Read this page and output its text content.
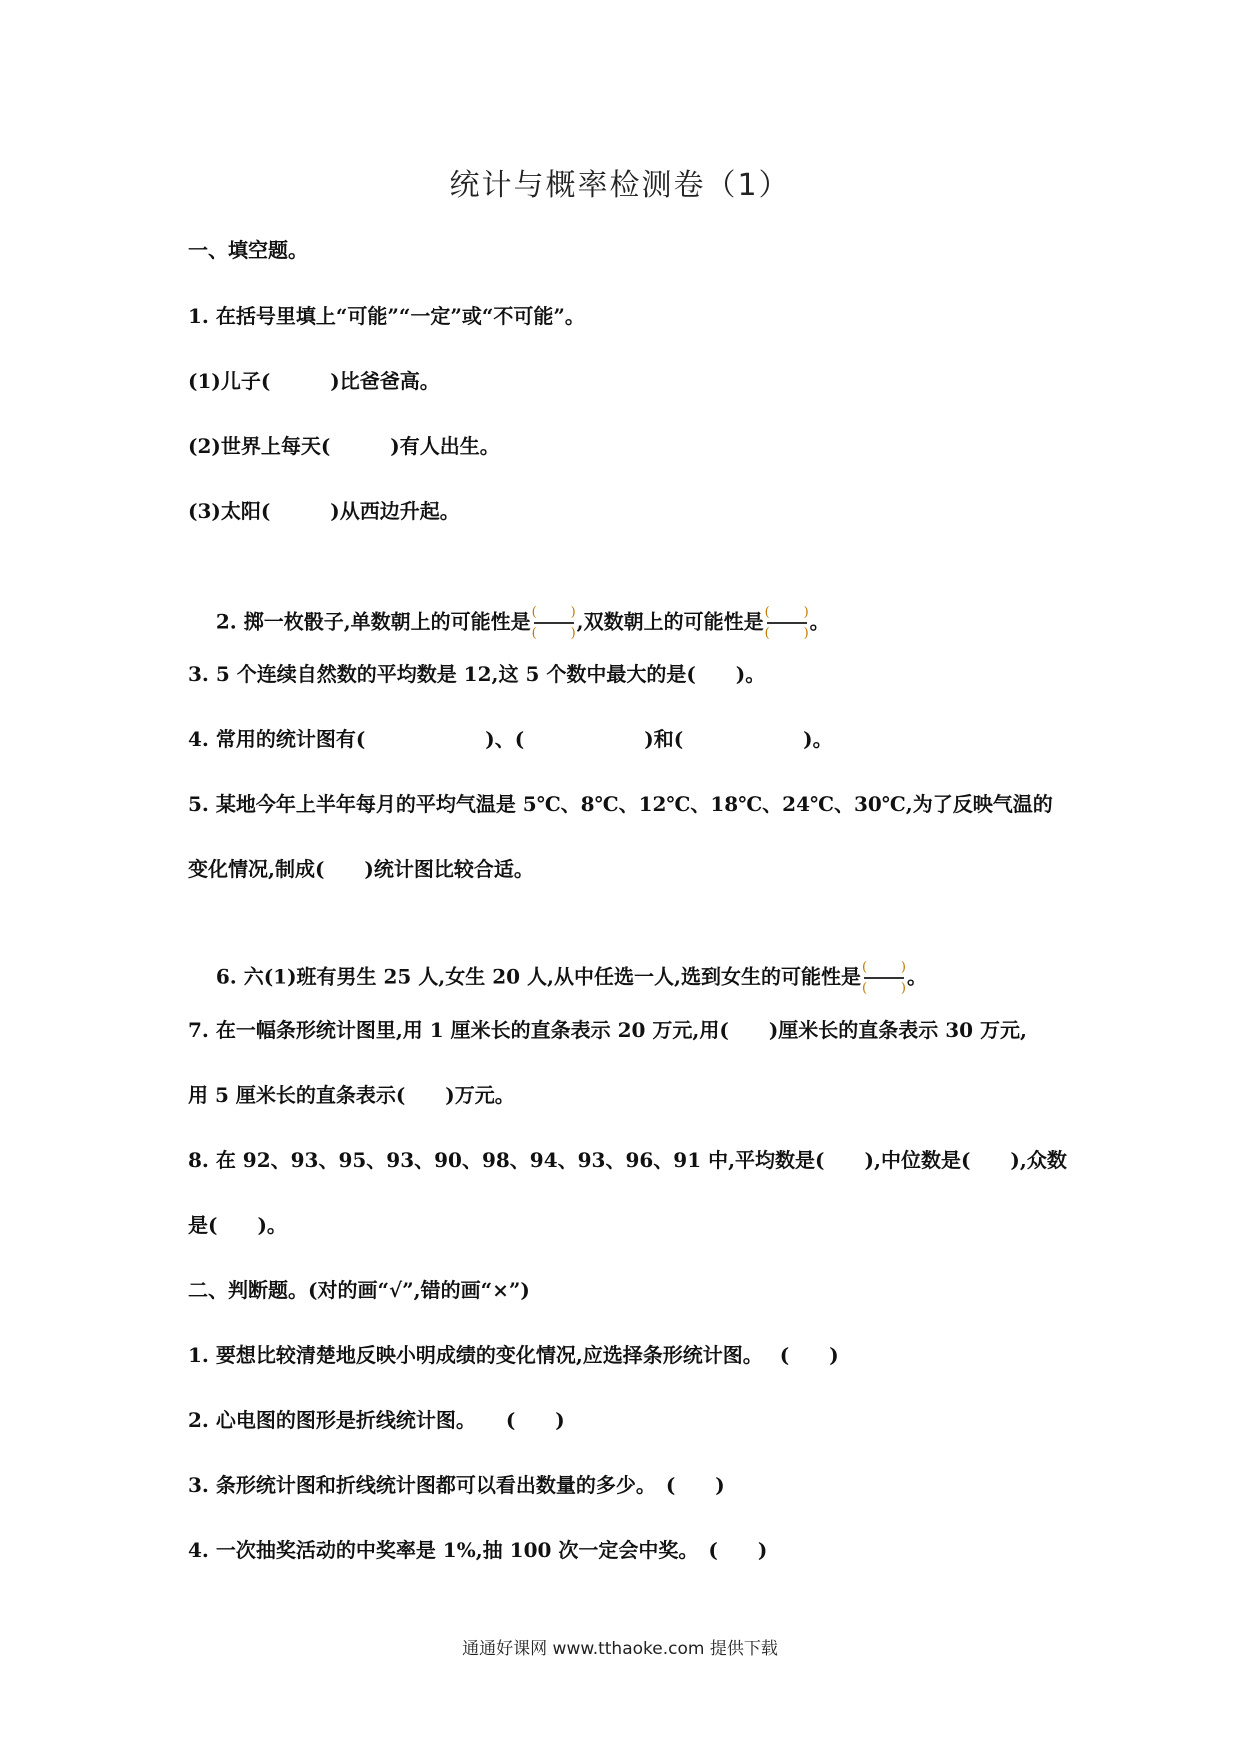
统计与概率检测卷（1）
一、填空题。
1. 在括号里填上“可能”“一定”或“不可能”。
(1)儿子(　　　)比爸爸高。
(2)世界上每天(　　　)有人出生。
(3)太阳(　　　)从西边升起。

2. 掷一枚骰子,单数朝上的可能性是 (	)
(	) ,双数朝上的可能性是 (	)
(	) 。

3. 5 个连续自然数的平均数是 12,这 5 个数中最大的是(　　)。
4. 常用的统计图有(　　　　　　)、(　　　　　　)和(　　　　　　)。
5. 某地今年上半年每月的平均气温是 5℃、8℃、12℃、18℃、24℃、30℃,为了反映气温的
变化情况,制成(　　)统计图比较合适。

6. 六(1)班有男生 25 人,女生 20 人,从中任选一人,选到女生的可能性是 (	)
(	) 。

7. 在一幅条形统计图里,用 1 厘米长的直条表示 20 万元,用(　　)厘米长的直条表示 30 万元,
用 5 厘米长的直条表示(　　)万元。
8. 在 92、93、95、93、90、98、94、93、96、91 中,平均数是(　　),中位数是(　　),众数
是(　　)。
二、判断题。(对的画“√”,错的画“×”)
1. 要想比较清楚地反映小明成绩的变化情况,应选择条形统计图。　 (　　)
2. 心电图的图形是折线统计图。　　(　　)
3. 条形统计图和折线统计图都可以看出数量的多少。　(　　)
4. 一次抽奖活动的中奖率是 1%,抽 100 次一定会中奖。　(　　)
通通好课网 www.tthaoke.com 提供下载
